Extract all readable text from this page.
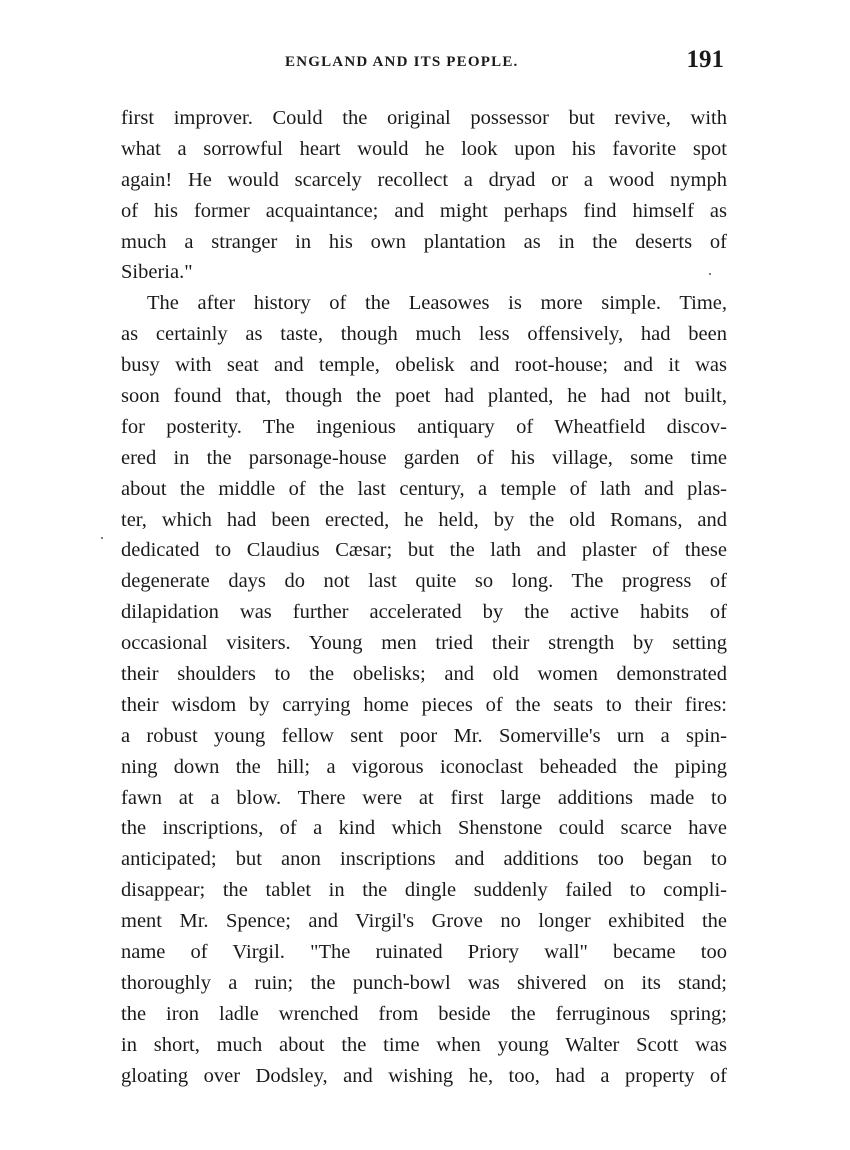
ENGLAND AND ITS PEOPLE.	191
first improver. Could the original possessor but revive, with
what a sorrowful heart would he look upon his favorite spot
again! He would scarcely recollect a dryad or a wood nymph
of his former acquaintance; and might perhaps find himself as
much a stranger in his own plantation as in the deserts of
Siberia."
The after history of the Leasowes is more simple. Time,
as certainly as taste, though much less offensively, had been
busy with seat and temple, obelisk and root-house; and it was
soon found that, though the poet had planted, he had not built,
for posterity. The ingenious antiquary of Wheatfield discov-
ered in the parsonage-house garden of his village, some time
about the middle of the last century, a temple of lath and plas-
ter, which had been erected, he held, by the old Romans, and
dedicated to Claudius Cæsar; but the lath and plaster of these
degenerate days do not last quite so long. The progress of
dilapidation was further accelerated by the active habits of
occasional visiters. Young men tried their strength by setting
their shoulders to the obelisks; and old women demonstrated
their wisdom by carrying home pieces of the seats to their fires:
a robust young fellow sent poor Mr. Somerville's urn a spin-
ning down the hill; a vigorous iconoclast beheaded the piping
fawn at a blow. There were at first large additions made to
the inscriptions, of a kind which Shenstone could scarce have
anticipated; but anon inscriptions and additions too began to
disappear; the tablet in the dingle suddenly failed to compli-
ment Mr. Spence; and Virgil's Grove no longer exhibited the
name of Virgil. "The ruinated Priory wall" became too
thoroughly a ruin; the punch-bowl was shivered on its stand;
the iron ladle wrenched from beside the ferruginous spring;
in short, much about the time when young Walter Scott was
gloating over Dodsley, and wishing he, too, had a property of
